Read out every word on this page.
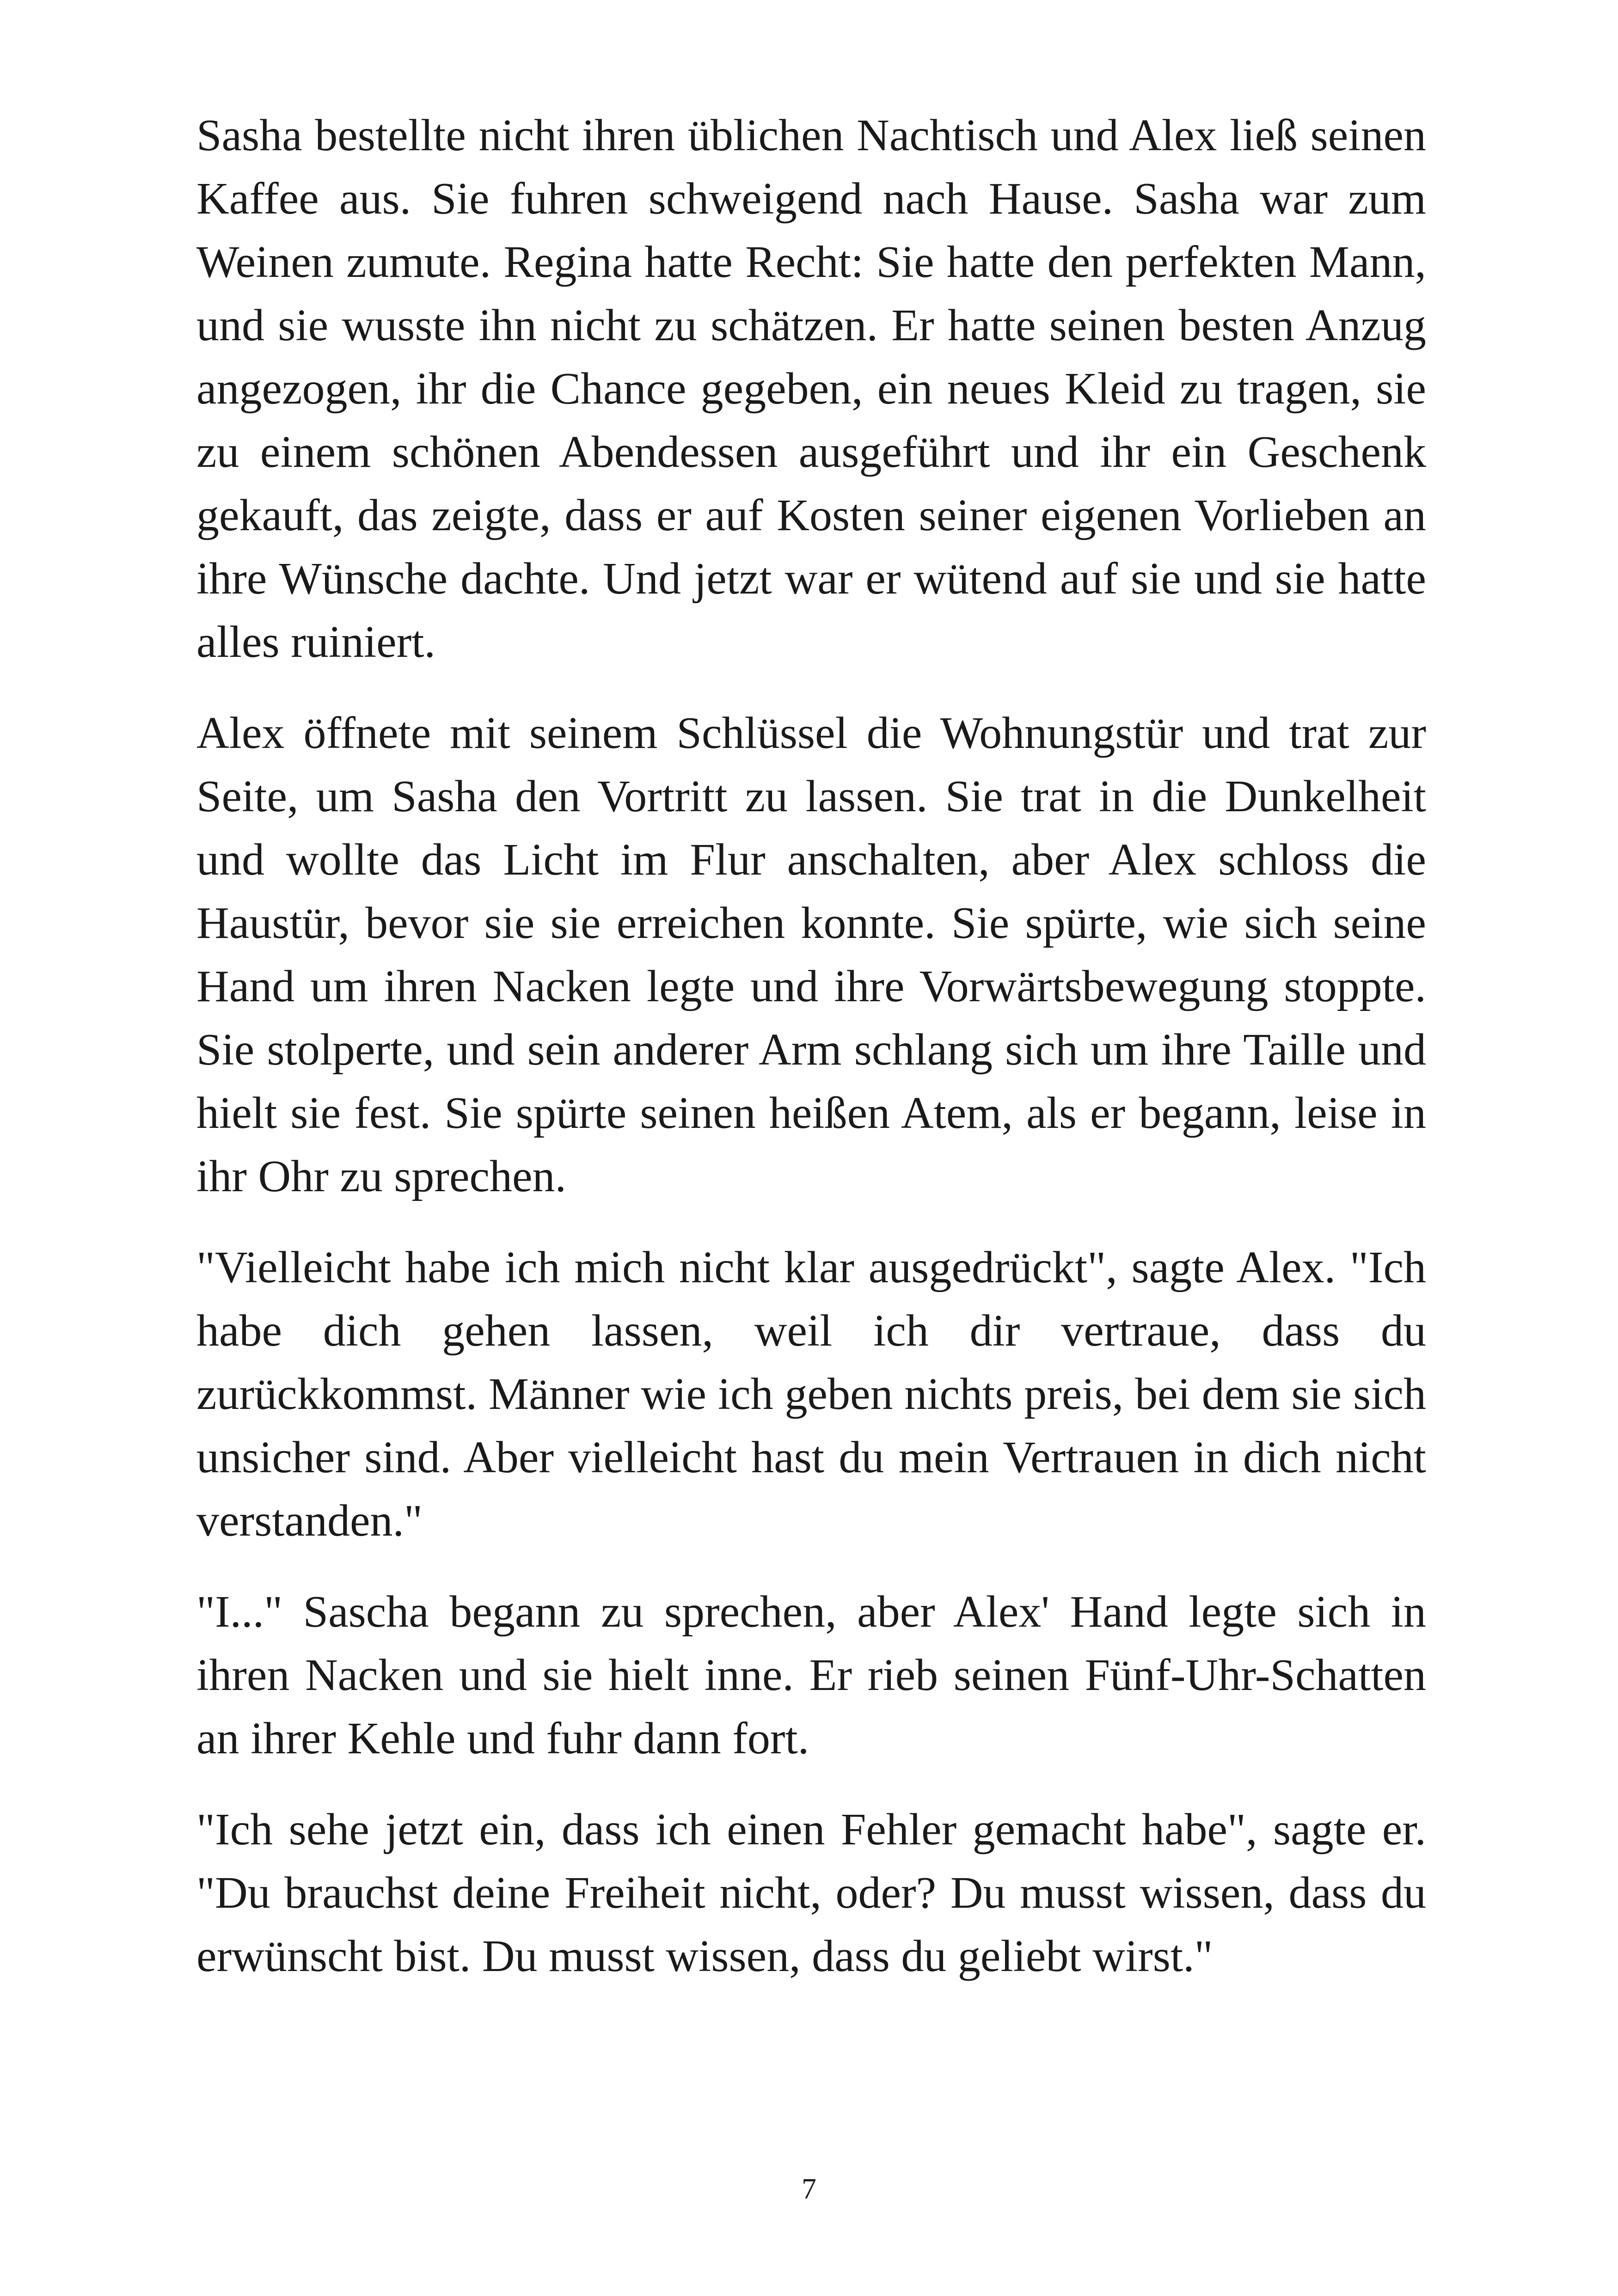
Sasha bestellte nicht ihren üblichen Nachtisch und Alex ließ seinen Kaffee aus. Sie fuhren schweigend nach Hause. Sasha war zum Weinen zumute. Regina hatte Recht: Sie hatte den perfekten Mann, und sie wusste ihn nicht zu schätzen. Er hatte seinen besten Anzug angezogen, ihr die Chance gegeben, ein neues Kleid zu tragen, sie zu einem schönen Abendessen ausgeführt und ihr ein Geschenk gekauft, das zeigte, dass er auf Kosten seiner eigenen Vorlieben an ihre Wünsche dachte. Und jetzt war er wütend auf sie und sie hatte alles ruiniert.

Alex öffnete mit seinem Schlüssel die Wohnungstür und trat zur Seite, um Sasha den Vortritt zu lassen. Sie trat in die Dunkelheit und wollte das Licht im Flur anschalten, aber Alex schloss die Haustür, bevor sie sie erreichen konnte. Sie spürte, wie sich seine Hand um ihren Nacken legte und ihre Vorwärtsbewegung stoppte. Sie stolperte, und sein anderer Arm schlang sich um ihre Taille und hielt sie fest. Sie spürte seinen heißen Atem, als er begann, leise in ihr Ohr zu sprechen.

"Vielleicht habe ich mich nicht klar ausgedrückt", sagte Alex. "Ich habe dich gehen lassen, weil ich dir vertraue, dass du zurückkommst. Männer wie ich geben nichts preis, bei dem sie sich unsicher sind. Aber vielleicht hast du mein Vertrauen in dich nicht verstanden."

"I..." Sascha begann zu sprechen, aber Alex' Hand legte sich in ihren Nacken und sie hielt inne. Er rieb seinen Fünf-Uhr-Schatten an ihrer Kehle und fuhr dann fort.

"Ich sehe jetzt ein, dass ich einen Fehler gemacht habe", sagte er. "Du brauchst deine Freiheit nicht, oder? Du musst wissen, dass du erwünscht bist. Du musst wissen, dass du geliebt wirst."

7
